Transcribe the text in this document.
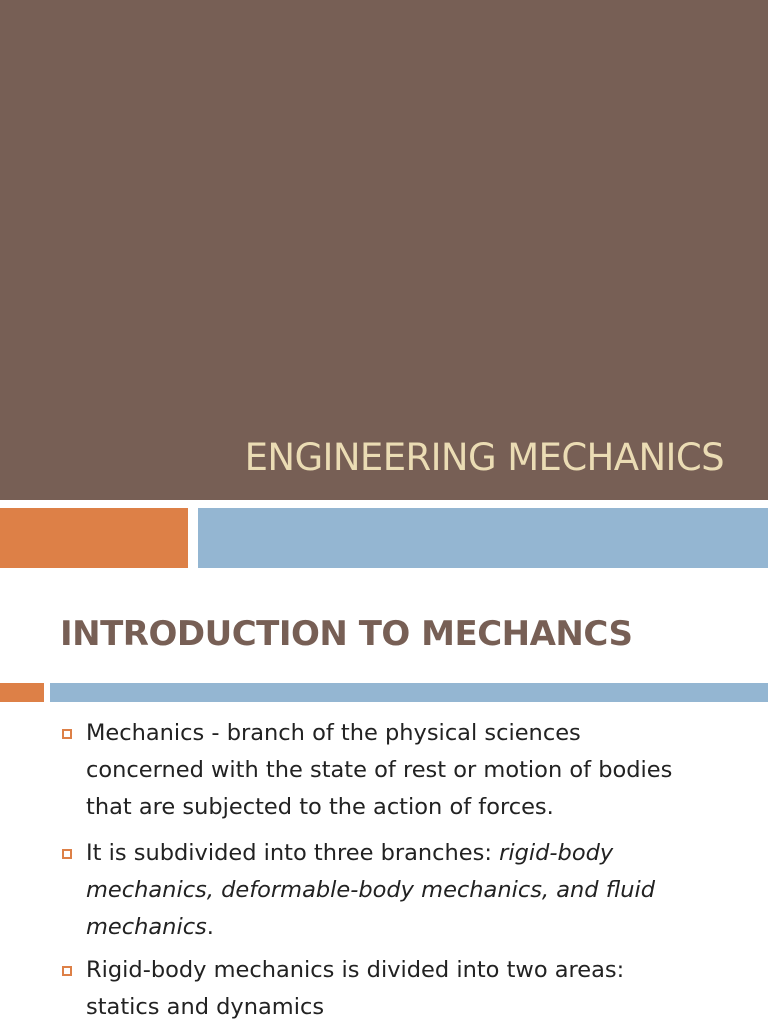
ENGINEERING MECHANICS
INTRODUCTION TO MECHANCS

Mechanics - branch of the physical sciences
concerned with the state of rest or motion of bodies
that are subjected to the action of forces.

It is subdivided into three branches: rigid-body
mechanics, deformable-body mechanics, and fluid
mechanics.

Rigid-body mechanics is divided into two areas:
statics and dynamics
